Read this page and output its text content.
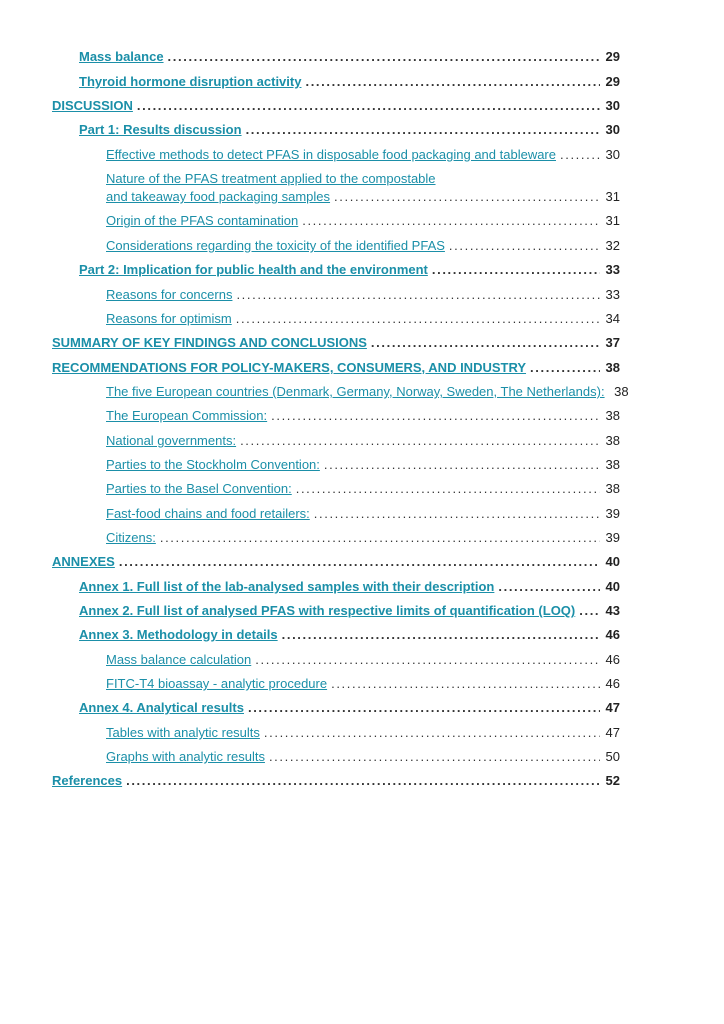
Mass balance . . .	29
Thyroid hormone disruption activity . . .	29
DISCUSSION . . .	30
Part 1: Results discussion . . .	30
Effective methods to detect PFAS in disposable food packaging and tableware . . .	30
Nature of the PFAS treatment applied to the compostable
and takeaway food packaging samples . . .	31
Origin of the PFAS contamination . . .	31
Considerations regarding the toxicity of the identified PFAS . . .	32
Part 2: Implication for public health and the environment . . .	33
Reasons for concerns . . .	33
Reasons for optimism . . .	34
SUMMARY OF KEY FINDINGS AND CONCLUSIONS . . .	37
RECOMMENDATIONS FOR POLICY-MAKERS, CONSUMERS, AND INDUSTRY . . .	38
The five European countries (Denmark, Germany, Norway, Sweden, The Netherlands): 38
The European Commission: . . .	38
National governments: . . .	38
Parties to the Stockholm Convention: . . .	38
Parties to the Basel Convention: . . .	38
Fast-food chains and food retailers: . . .	39
Citizens: . . .	39
ANNEXES . . .	40
Annex 1. Full list of the lab-analysed samples with their description . . .	40
Annex 2. Full list of analysed PFAS with respective limits of quantification (LOQ) . . . 43
Annex 3. Methodology in details . . .	46
Mass balance calculation . . .	46
FITC-T4 bioassay - analytic procedure . . .	46
Annex 4. Analytical results . . .	47
Tables with analytic results . . .	47
Graphs with analytic results . . .	50
References . . .	52
